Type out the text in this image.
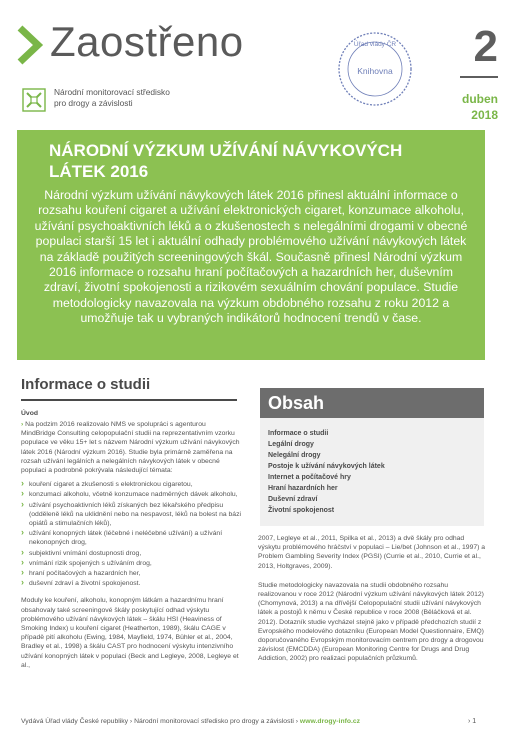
Zaostřeno
Národní monitorovací středisko pro drogy a závislosti
Úřad vlády ČR
Knihovna	2
duben
2018
NÁRODNÍ VÝZKUM UŽÍVÁNÍ NÁVYKOVÝCH LÁTEK 2016

Národní výzkum užívání návykových látek 2016 přinesl aktuální informace o rozsahu kouření cigaret a užívání elektronických cigaret, konzumace alkoholu, užívání psychoaktivních léků a o zkušenostech s nelegálními drogami v obecné populaci starší 15 let i aktuální odhady problémového užívání návykových látek na základě použitých screeningových škál. Současně přinesl Národní výzkum 2016 informace o rozsahu hraní počítačových a hazardních her, duševním zdraví, životní spokojenosti a rizikovém sexuálním chování populace. Studie metodologicky navazovala na výzkum obdobného rozsahu z roku 2012 a umožňuje tak u vybraných indikátorů hodnocení trendů v čase.

Informace o studii
Úvod
› Na podzim 2016 realizovalo NMS ve spolupráci s agenturou MindBridge Consulting celopopulační studii na reprezentativním vzorku populace ve věku 15+ let s názvem Národní výzkum užívání návykových látek 2016 (Národní výzkum 2016). Studie byla primárně zaměřena na rozsah užívání legálních a nelegálních návykových látek v obecné populaci a podrobně pokrývala následující témata:
› kouření cigaret a zkušenosti s elektronickou cigaretou,
› konzumaci alkoholu, včetně konzumace nadměrných dávek alkoholu,
› užívání psychoaktivních léků získaných bez lékařského předpisu (odděleně léků na uklidnění nebo na nespavost, léků na bolest na bázi opiátů a stimulačních léků),
› užívání konopných látek (léčebné i neléčebné užívání) a užívání nekonopných drog,
› subjektivní vnímání dostupnosti drog,
› vnímání rizik spojených s užíváním drog,
› hraní počítačových a hazardních her,
› duševní zdraví a životní spokojenost.
Moduly ke kouření, alkoholu, konopným látkám a hazardnímu hraní obsahovaly také screeningové škály poskytující odhad výskytu problémového užívání návykových látek – škálu HSI (Heaviness of Smoking Index) u kouření cigaret (Heatherton, 1989), škálu CAGE v případě pití alkoholu (Ewing, 1984, Mayfield, 1974, Bühler et al., 2004, Bradley et al., 1998) a škálu CAST pro hodnocení výskytu intenzivního užívání konopných látek v populaci (Beck and Legleye, 2008, Legleye et al.,
Obsah
Informace o studii
Legální drogy
Nelegální drogy
Postoje k užívání návykových látek
Internet a počítačové hry
Hraní hazardních her
Duševní zdraví
Životní spokojenost
2007, Legleye et al., 2011, Spilka et al., 2013) a dvě škály pro odhad výskytu problémového hráčství v populaci – Lie/bet (Johnson et al., 1997) a Problem Gambling Severity Index (PGSI) (Currie et al., 2010, Currie et al., 2013, Holtgraves, 2009).
Studie metodologicky navazovala na studii obdobného rozsahu realizovanou v roce 2012 (Národní výzkum užívání návykových látek 2012) (Chomynová, 2013) a na dřívější Celopopulační studii užívání návykových látek a postojů k němu v České republice v roce 2008 (Běláčková et al. 2012). Dotazník studie vycházel stejně jako v případě předchozích studií z Evropského modelového dotazníku (European Model Questionnaire, EMQ) doporučovaného Evropským monitorovacím centrem pro drogy a drogovou závislost (EMCDDA) (European Monitoring Centre for Drugs and Drug Addiction, 2002) pro realizaci populačních průzkumů.
Vydává Úřad vlády České republiky › Národní monitorovací středisko pro drogy a závislosti › www.drogy-info.cz	› 1
